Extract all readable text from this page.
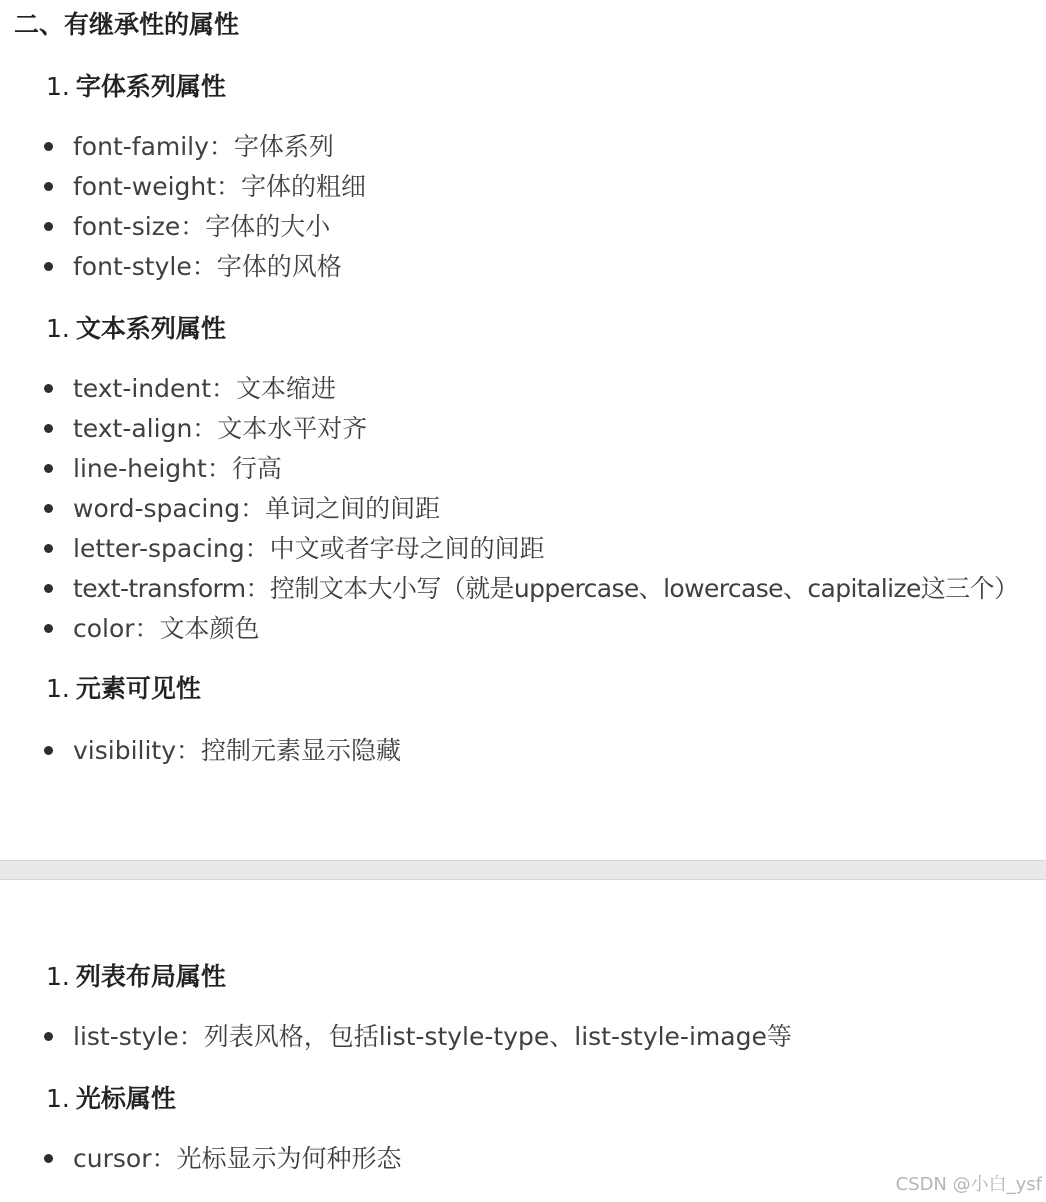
二、有继承性的属性
1. 字体系列属性
font-family：字体系列
font-weight：字体的粗细
font-size：字体的大小
font-style：字体的风格
1. 文本系列属性
text-indent：文本缩进
text-align：文本水平对齐
line-height：行高
word-spacing：单词之间的间距
letter-spacing：中文或者字母之间的间距
text-transform：控制文本大小写（就是uppercase、lowercase、capitalize这三个）
color：文本颜色
1. 元素可见性
visibility：控制元素显示隐藏
1. 列表布局属性
list-style：列表风格，包括list-style-type、list-style-image等
1. 光标属性
cursor：光标显示为何种形态
CSDN @小白_ysf
